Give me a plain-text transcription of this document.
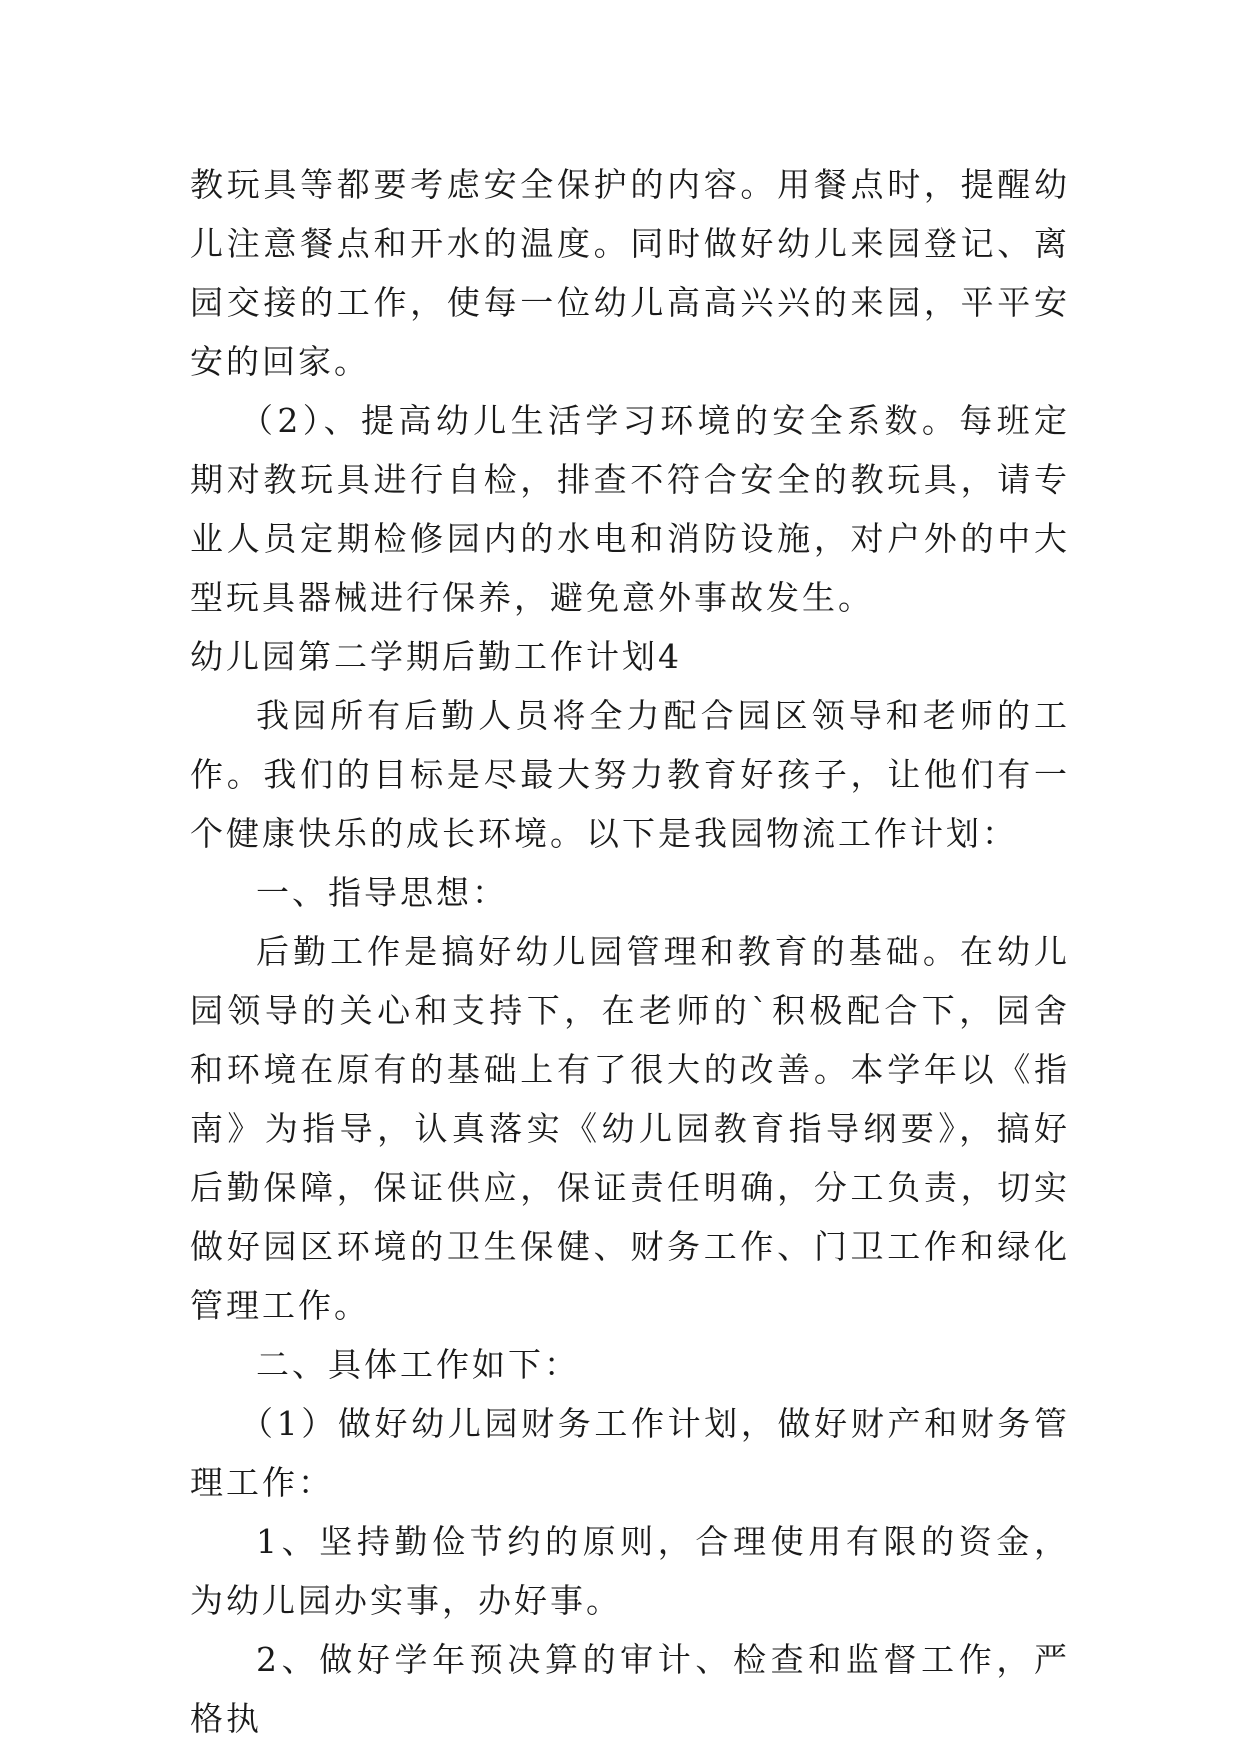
教玩具等都要考虑安全保护的内容。用餐点时，提醒幼儿注意餐点和开水的温度。同时做好幼儿来园登记、离园交接的工作，使每一位幼儿高高兴兴的来园，平平安安的回家。

（2）、提高幼儿生活学习环境的安全系数。每班定期对教玩具进行自检，排查不符合安全的教玩具，请专业人员定期检修园内的水电和消防设施，对户外的中大型玩具器械进行保养，避免意外事故发生。

幼儿园第二学期后勤工作计划4

我园所有后勤人员将全力配合园区领导和老师的工作。我们的目标是尽最大努力教育好孩子，让他们有一个健康快乐的成长环境。以下是我园物流工作计划：

一、指导思想：

后勤工作是搞好幼儿园管理和教育的基础。在幼儿园领导的关心和支持下，在老师的`积极配合下，园舍和环境在原有的基础上有了很大的改善。本学年以《指南》为指导，认真落实《幼儿园教育指导纲要》，搞好后勤保障，保证供应，保证责任明确，分工负责，切实做好园区环境的卫生保健、财务工作、门卫工作和绿化管理工作。

二、具体工作如下：

（1）做好幼儿园财务工作计划，做好财产和财务管理工作：

1、坚持勤俭节约的原则，合理使用有限的资金，为幼儿园办实事，办好事。

2、做好学年预决算的审计、检查和监督工作，严格执
